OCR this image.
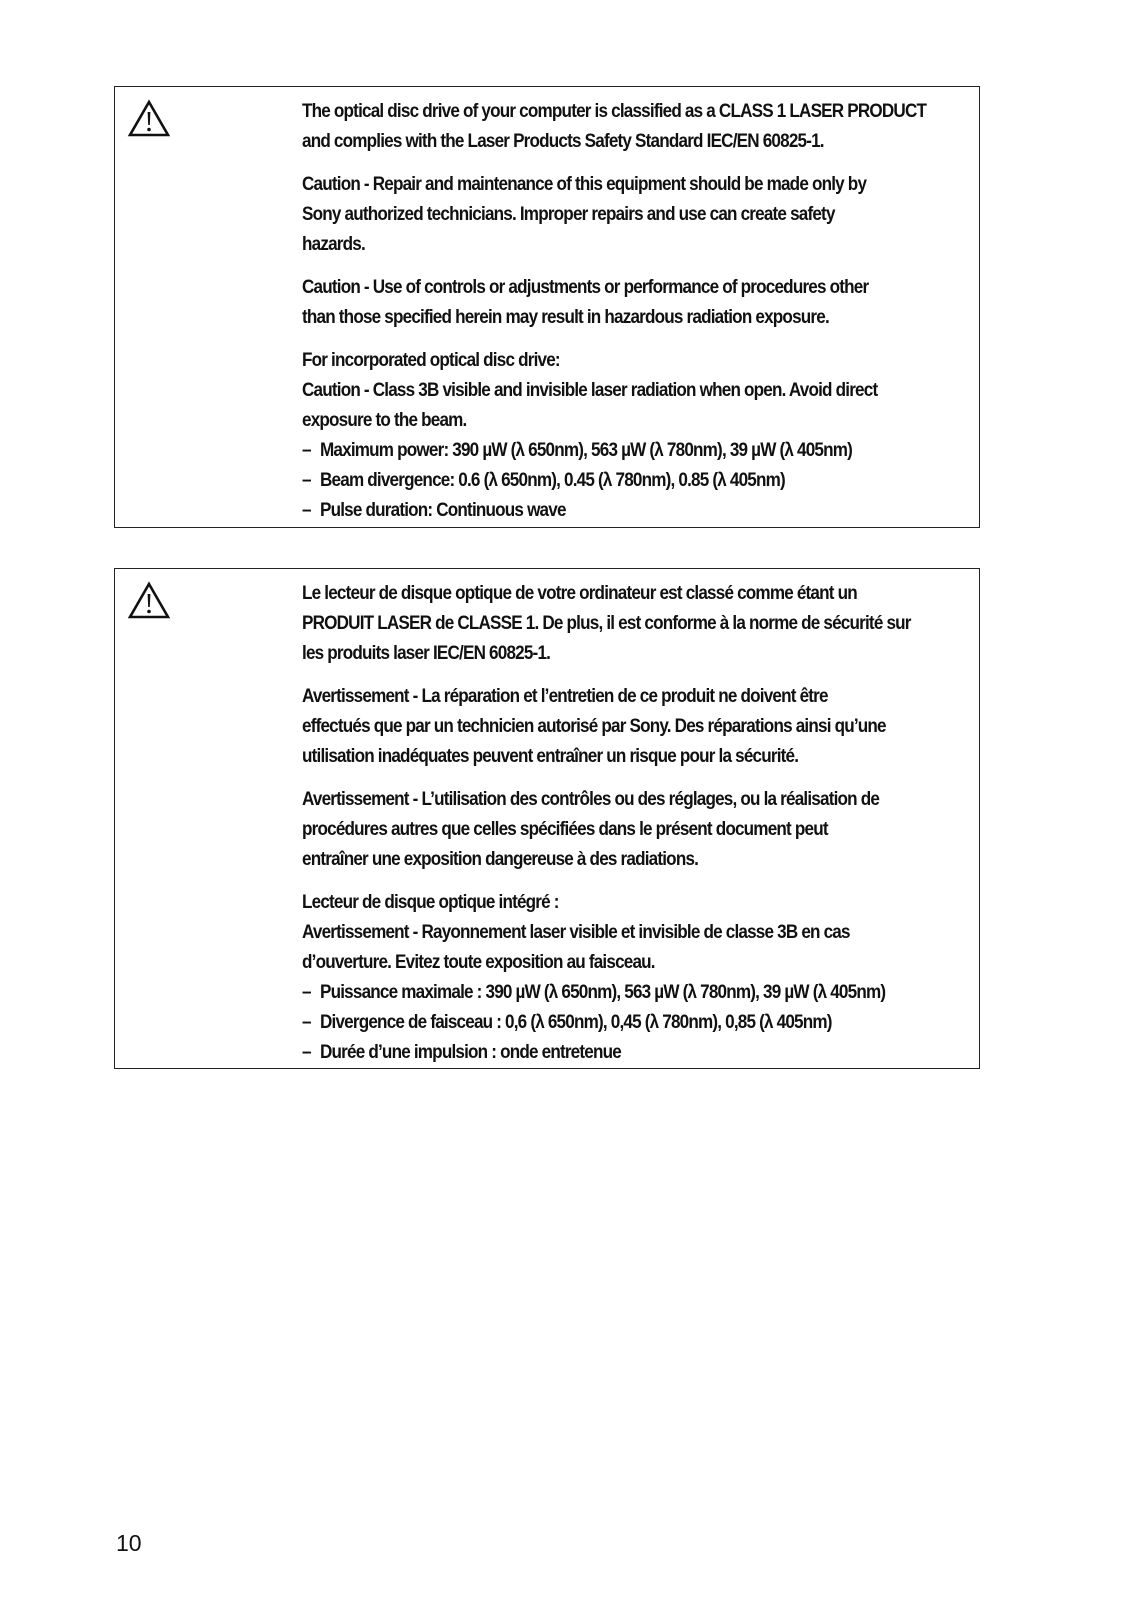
The optical disc drive of your computer is classified as a CLASS 1 LASER PRODUCT
and complies with the Laser Products Safety Standard IEC/EN 60825-1.
Caution - Repair and maintenance of this equipment should be made only by
Sony authorized technicians. Improper repairs and use can create safety
hazards.
Caution - Use of controls or adjustments or performance of procedures other
than those specified herein may result in hazardous radiation exposure.
For incorporated optical disc drive:
Caution - Class 3B visible and invisible laser radiation when open. Avoid direct
exposure to the beam.
– Maximum power: 390 µW (λ 650nm), 563 µW (λ 780nm), 39 µW (λ 405nm)
– Beam divergence: 0.6 (λ 650nm), 0.45 (λ 780nm), 0.85 (λ 405nm)
– Pulse duration: Continuous wave
Le lecteur de disque optique de votre ordinateur est classé comme étant un
PRODUIT LASER de CLASSE 1. De plus, il est conforme à la norme de sécurité sur
les produits laser IEC/EN 60825-1.
Avertissement - La réparation et l’entretien de ce produit ne doivent être
effectués que par un technicien autorisé par Sony. Des réparations ainsi qu’une
utilisation inadéquates peuvent entraîner un risque pour la sécurité.
Avertissement - L’utilisation des contrôles ou des réglages, ou la réalisation de
procédures autres que celles spécifiées dans le présent document peut
entraîner une exposition dangereuse à des radiations.
Lecteur de disque optique intégré :
Avertissement - Rayonnement laser visible et invisible de classe 3B en cas
d’ouverture. Evitez toute exposition au faisceau.
– Puissance maximale : 390 µW (λ 650nm), 563 µW (λ 780nm), 39 µW (λ 405nm)
– Divergence de faisceau : 0,6 (λ 650nm), 0,45 (λ 780nm), 0,85 (λ 405nm)
– Durée d’une impulsion : onde entretenue
10
